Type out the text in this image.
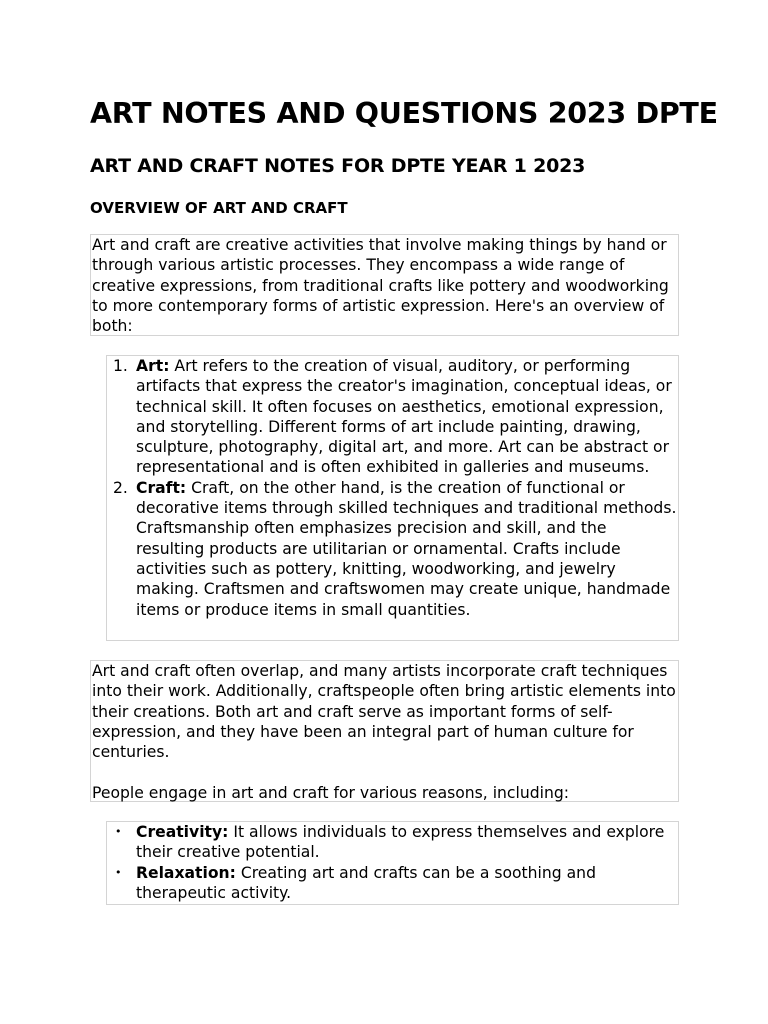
ART NOTES AND QUESTIONS 2023 DPTE
ART AND CRAFT NOTES FOR DPTE YEAR 1 2023
OVERVIEW OF ART AND CRAFT

Art and craft are creative activities that involve making things by hand or through various artistic processes. They encompass a wide range of creative expressions, from traditional crafts like pottery and woodworking to more contemporary forms of artistic expression. Here's an overview of both:

1. Art: Art refers to the creation of visual, auditory, or performing artifacts that express the creator's imagination, conceptual ideas, or technical skill. It often focuses on aesthetics, emotional expression, and storytelling. Different forms of art include painting, drawing, sculpture, photography, digital art, and more. Art can be abstract or representational and is often exhibited in galleries and museums.
2. Craft: Craft, on the other hand, is the creation of functional or decorative items through skilled techniques and traditional methods. Craftsmanship often emphasizes precision and skill, and the resulting products are utilitarian or ornamental. Crafts include activities such as pottery, knitting, woodworking, and jewelry making. Craftsmen and craftswomen may create unique, handmade items or produce items in small quantities.

Art and craft often overlap, and many artists incorporate craft techniques into their work. Additionally, craftspeople often bring artistic elements into their creations. Both art and craft serve as important forms of self-expression, and they have been an integral part of human culture for centuries.

People engage in art and craft for various reasons, including:

• Creativity: It allows individuals to express themselves and explore their creative potential.
• Relaxation: Creating art and crafts can be a soothing and therapeutic activity.
